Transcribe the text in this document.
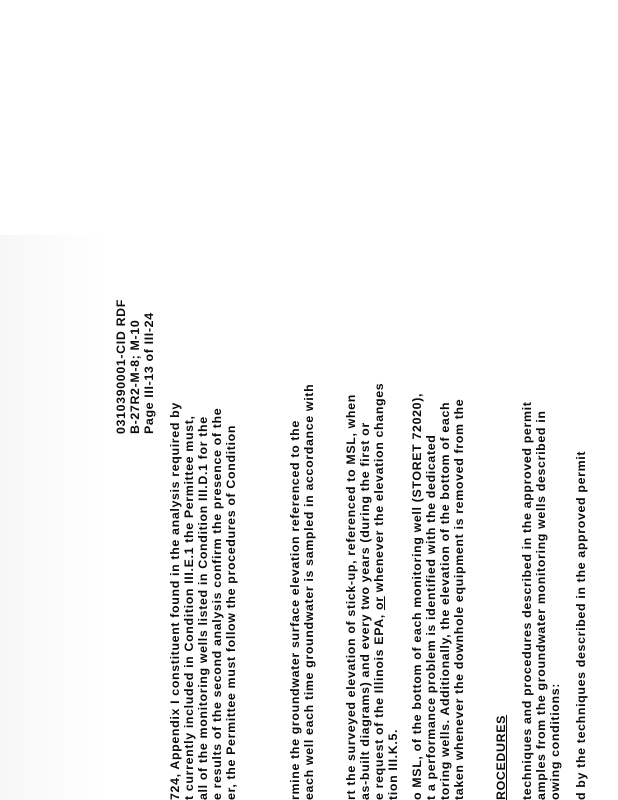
0310390001-CID RDF B-27R2-M-8; M-10 Page III-13 of III-24
724, Appendix I constituent found in the analysis required by t currently included in Condition III.E.1 the Permittee must, all of the monitoring wells listed in Condition III.D.1 for the e results of the second analysis confirm the presence of the er, the Permittee must follow the procedures of Condition	rmine the groundwater surface elevation referenced to the each well each time groundwater is sampled in accordance with rt the surveyed elevation of stick-up, referenced to MSL, when as-built diagrams) and every two years (during the first or e request of the Illinois EPA, or whenever the elevation changes
tion III.K.5. o MSL, of the bottom of each monitoring well (STORET 72020), t a performance problem is identified with the dedicated toring wells. Additionally, the elevation of the bottom of each taken whenever the downhole equipment is removed from the ROCEDURES techniques and procedures described in the approved permit amples from the groundwater monitoring wells described in owing conditions: d by the techniques described in the approved permit
